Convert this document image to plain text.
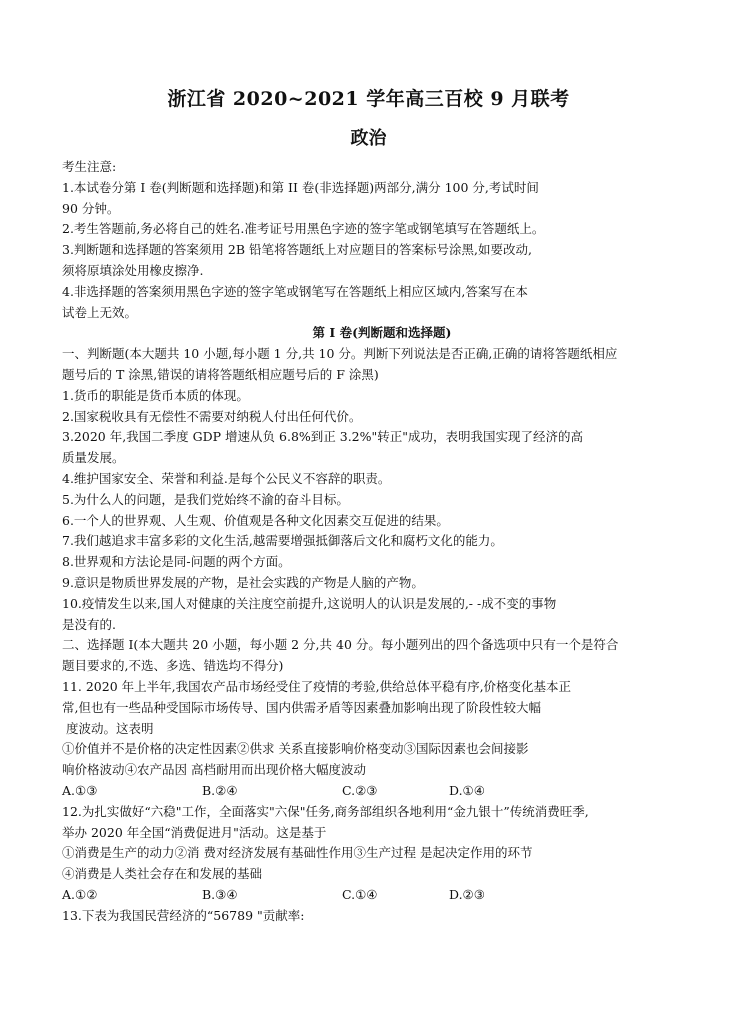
浙江省 2020~2021 学年高三百校 9 月联考
政治
考生注意:
1.本试卷分第 I 卷(判断题和选择题)和第 II 卷(非选择题)两部分,满分 100 分,考试时间
90 分钟。
2.考生答题前,务必将自己的姓名.准考证号用黑色字迹的签字笔或钢笔填写在答题纸上。
3.判断题和选择题的答案须用 2B 铅笔将答题纸上对应题目的答案标号涂黑,如要改动,
须将原填涂处用橡皮擦净.
4.非选择题的答案须用黑色字迹的签字笔或钢笔写在答题纸上相应区域内,答案写在本
试卷上无效。
第 I 卷(判断题和选择题)
一、判断题(本大题共 10 小题,每小题 1 分,共 10 分。判断下列说法是否正确,正确的请将答题纸相应
题号后的 T 涂黑,错误的请将答题纸相应题号后的 F 涂黑)
1.货币的职能是货币本质的体现。
2.国家税收具有无偿性不需要对纳税人付出任何代价。
3.2020 年,我国二季度 GDP 增速从负 6.8%到正 3.2%"转正"成功，表明我国实现了经济的高
质量发展。
4.维护国家安全、荣誉和利益.是每个公民义不容辞的职责。
5.为什么人的问题，是我们党始终不渝的奋斗目标。
6.一个人的世界观、人生观、价值观是各种文化因素交互促进的结果。
7.我们越追求丰富多彩的文化生活,越需要增强抵御落后文化和腐朽文化的能力。
8.世界观和方法论是同-问题的两个方面。
9.意识是物质世界发展的产物，是社会实践的产物是人脑的产物。
10.疫情发生以来,国人对健康的关注度空前提升,这说明人的认识是发展的,- -成不变的事物
是没有的.
二、选择题 I(本大题共 20 小题，每小题 2 分,共 40 分。每小题列出的四个备选项中只有一个是符合
题目要求的,不选、多选、错选均不得分)
11. 2020 年上半年,我国农产品市场经受住了疫情的考验,供给总体平稳有序,价格变化基本正
常,但也有一些品种受国际市场传导、国内供需矛盾等因素叠加影响出现了阶段性较大幅
度波动。这表明
①价值并不是价格的决定性因素②供求 关系直接影响价格变动③国际因素也会间接影
响价格波动④农产品因 高档耐用而出现价格大幅度波动
A.①③	B.②④	C.②③	D.①④
12.为扎实做好“六稳"工作，全面落实"六保"任务,商务部组织各地利用“金九银十”传统消费旺季,
举办 2020 年全国“消费促进月"活动。这是基于
①消费是生产的动力②消 费对经济发展有基础性作用③生产过程 是起决定作用的环节
④消费是人类社会存在和发展的基础
A.①②	B.③④	C.①④	D.②③
13.下表为我国民营经济的“56789 "贡献率:
